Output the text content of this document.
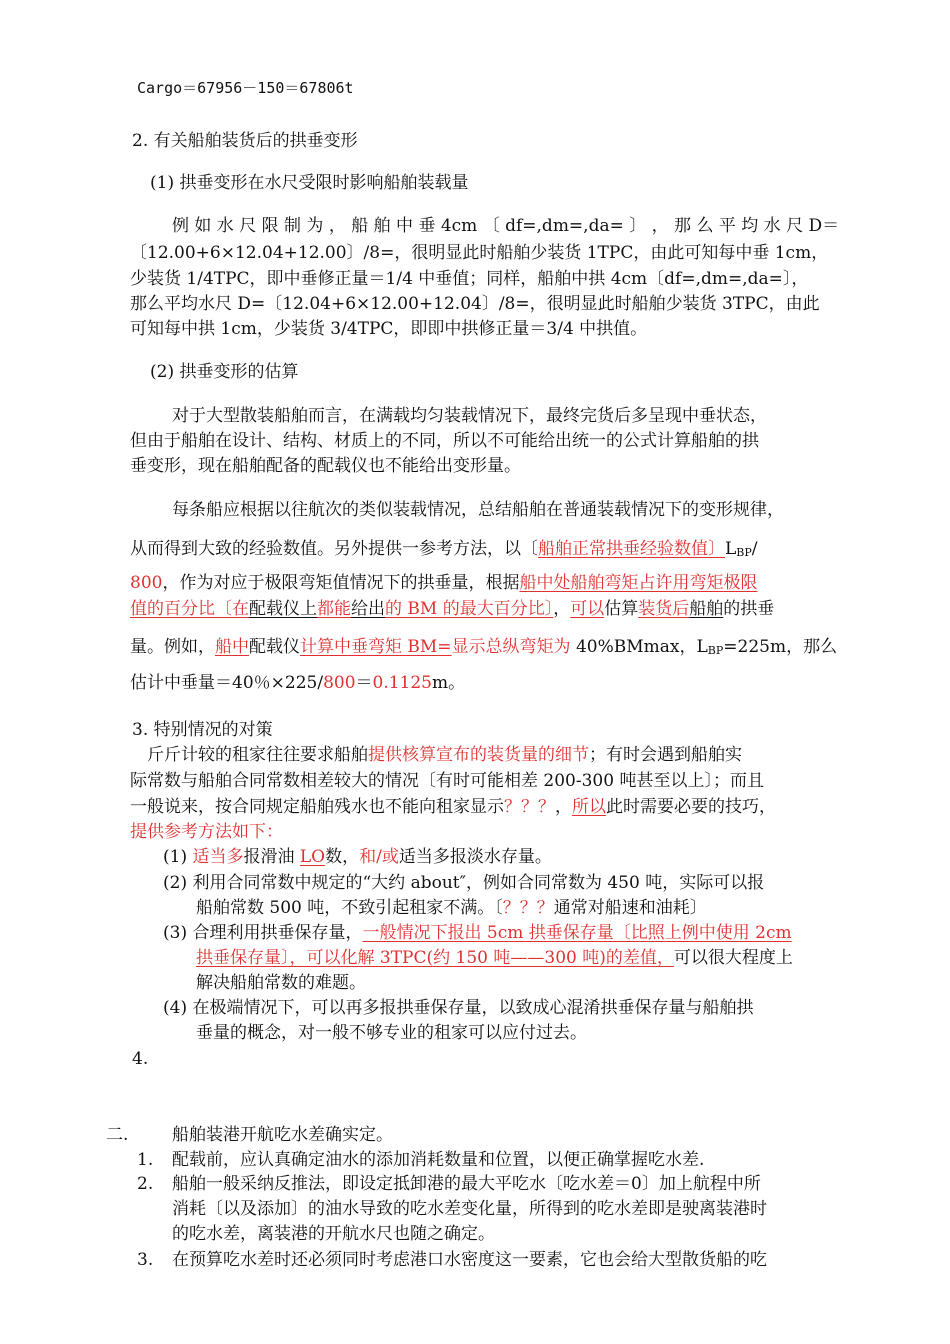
Cargo＝67956－150＝67806t
2. 有关船舶装货后的拱垂变形
(1) 拱垂变形在水尺受限时影响船舶装载量
例 如 水 尺 限 制 为 ， 船 舶 中 垂 4cm 〔 df=,dm=,da= 〕 ， 那 么 平 均 水 尺 D＝
〔12.00+6×12.04+12.00〕/8=，很明显此时船舶少装货 1TPC，由此可知每中垂 1cm，
少装货 1/4TPC，即中垂修正量＝1/4 中垂值；同样，船舶中拱 4cm〔df=,dm=,da=〕，
那么平均水尺 D=〔12.04+6×12.00+12.04〕/8=，很明显此时船舶少装货 3TPC，由此
可知每中拱 1cm，少装货 3/4TPC，即即中拱修正量＝3/4 中拱值。
(2) 拱垂变形的估算
对于大型散装船舶而言，在满载均匀装载情况下，最终完货后多呈现中垂状态，
但由于船舶在设计、结构、材质上的不同，所以不可能给出统一的公式计算船舶的拱
垂变形，现在船舶配备的配载仪也不能给出变形量。
每条船应根据以往航次的类似装载情况，总结船舶在普通装载情况下的变形规律，
从而得到大致的经验数值。另外提供一参考方法，以〔船舶正常拱垂经验数值〕LBP/
800，作为对应于极限弯矩值情况下的拱垂量，根据船中处船舶弯矩占许用弯矩极限
值的百分比〔在配载仪上都能给出的 BM 的最大百分比〕，可以估算装货后船舶的拱垂
量。例如，船中配载仪计算中垂弯矩 BM=显示总纵弯矩为 40%BMmax，LBP=225m，那么
估计中垂量＝40％×225/800＝0.1125m。
3. 特别情况的对策
斤斤计较的租家往往要求船舶提供核算宣布的装货量的细节；有时会遇到船舶实
际常数与船舶合同常数相差较大的情况〔有时可能相差 200-300 吨甚至以上〕；而且
一般说来，按合同规定船舶残水也不能向租家显示？？？，所以此时需要必要的技巧，
提供参考方法如下：
(1) 适当多报滑油 LO数，和/或适当多报淡水存量。
(2) 利用合同常数中规定的“大约 about″，例如合同常数为 450 吨，实际可以报
船舶常数 500 吨，不致引起租家不满。〔？？？通常对船速和油耗〕
(3) 合理利用拱垂保存量，一般情况下报出 5cm 拱垂保存量〔比照上例中使用 2cm
拱垂保存量〕，可以化解 3TPC(约 150 吨——300 吨)的差值，可以很大程度上
解决船舶常数的难题。
(4) 在极端情况下，可以再多报拱垂保存量，以致成心混淆拱垂保存量与船舶拱
垂量的概念，对一般不够专业的租家可以应付过去。
4.
二.	船舶装港开航吃水差确实定。
1. 配载前，应认真确定油水的添加消耗数量和位置，以便正确掌握吃水差.
2. 船舶一般采纳反推法，即设定抵卸港的最大平吃水〔吃水差＝0〕加上航程中所
消耗〔以及添加〕的油水导致的吃水差变化量，所得到的吃水差即是驶离装港时
的吃水差，离装港的开航水尺也随之确定。
3. 在预算吃水差时还必须同时考虑港口水密度这一要素，它也会给大型散货船的吃
